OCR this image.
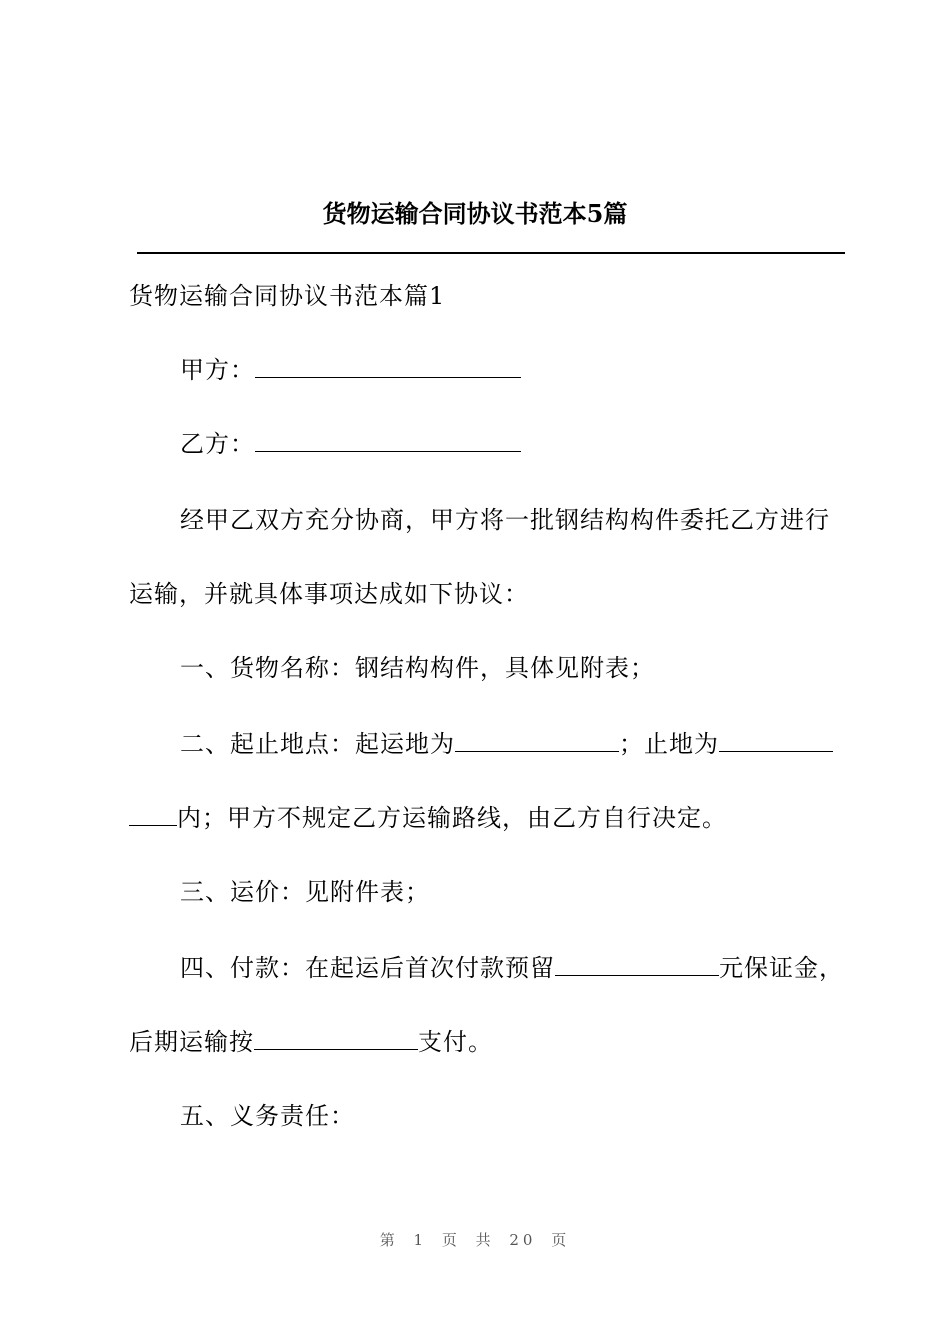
货物运输合同协议书范本5篇
货物运输合同协议书范本篇1
甲方：
乙方：
经甲乙双方充分协商，甲方将一批钢结构构件委托乙方进行
运输，并就具体事项达成如下协议：
一、货物名称：钢结构构件，具体见附表；
二、起止地点：起运地为	；止地为
内；甲方不规定乙方运输路线，由乙方自行决定。
三、运价：见附件表；
四、付款：在起运后首次付款预留	元保证金，
后期运输按	支付。
五、义务责任：
第 1 页 共 20 页
